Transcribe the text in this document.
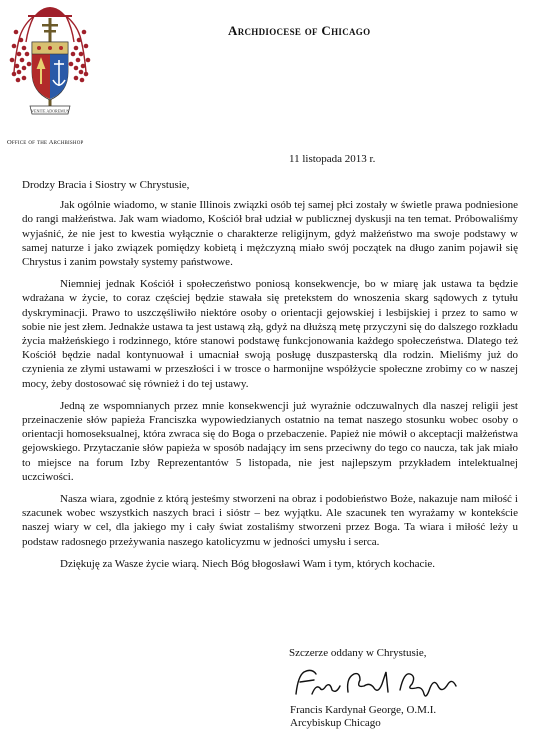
VENITE ADOREMUS
Office of the Archbishop
Archdiocese of Chicago
11 listopada 2013 r.

Drodzy Bracia i Siostry w Chrystusie,

Jak ogólnie wiadomo, w stanie Illinois związki osób tej samej płci zostały w świetle prawa podniesione do rangi małżeństwa. Jak wam wiadomo, Kościół brał udział w publicznej dyskusji na ten temat. Próbowaliśmy wyjaśnić, że nie jest to kwestia wyłącznie o charakterze religijnym, gdyż małżeństwo ma swoje podstawy w samej naturze i jako związek pomiędzy kobietą i mężczyzną miało swój początek na długo zanim pojawił się Chrystus i zanim powstały systemy państwowe.

Niemniej jednak Kościół i społeczeństwo poniosą konsekwencje, bo w miarę jak ustawa ta będzie wdrażana w życie, to coraz częściej będzie stawała się pretekstem do wnoszenia skarg sądowych z tytułu dyskryminacji. Prawo to uszczęśliwiło niektóre osoby o orientacji gejowskiej i lesbijskiej i przez to samo w sobie nie jest złem. Jednakże ustawa ta jest ustawą złą, gdyż na dłuższą metę przyczyni się do dalszego rozkładu życia małżeńskiego i rodzinnego, które stanowi podstawę funkcjonowania każdego społeczeństwa. Dlatego też Kościół będzie nadal kontynuował i umacniał swoją posługę duszpasterską dla rodzin. Mieliśmy już do czynienia ze złymi ustawami w przeszłości i w trosce o harmonijne współżycie społeczne zrobimy co w naszej mocy, żeby dostosować się również i do tej ustawy.

Jedną ze wspomnianych przez mnie konsekwencji już wyraźnie odczuwalnych dla naszej religii jest przeinaczenie słów papieża Franciszka wypowiedzianych ostatnio na temat naszego stosunku wobec osoby o orientacji homoseksualnej, która zwraca się do Boga o przebaczenie. Papież nie mówił o akceptacji małżeństwa gejowskiego. Przytaczanie słów papieża w sposób nadający im sens przeciwny do tego co naucza, tak jak miało to miejsce na forum Izby Reprezentantów 5 listopada, nie jest najlepszym przykładem intelektualnej uczciwości.

Nasza wiara, zgodnie z którą jesteśmy stworzeni na obraz i podobieństwo Boże, nakazuje nam miłość i szacunek wobec wszystkich naszych braci i sióstr – bez wyjątku. Ale szacunek ten wyrażamy w kontekście naszej wiary w cel, dla jakiego my i cały świat zostaliśmy stworzeni przez Boga. Ta wiara i miłość leży u podstaw radosnego przeżywania naszego katolicyzmu w jedności umysłu i serca.

Dziękuję za Wasze życie wiarą. Niech Bóg błogosławi Wam i tym, których kochacie.

Szczerze oddany w Chrystusie,
Francis Kardynał George, O.M.I.
Arcybiskup Chicago
